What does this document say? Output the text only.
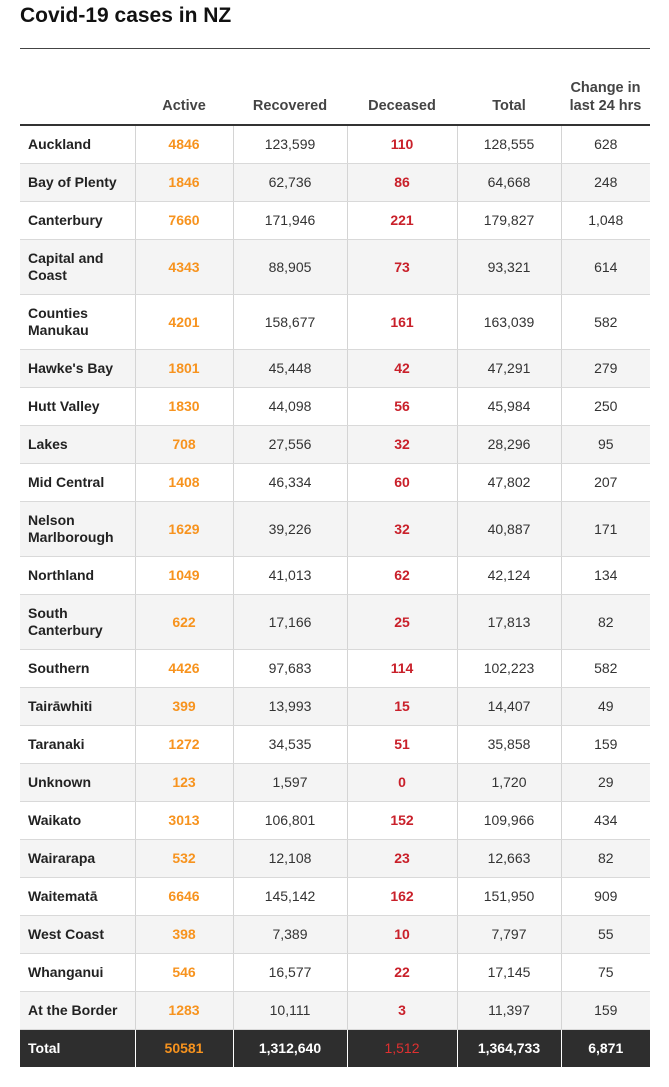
Covid-19 cases in NZ
	Active	Recovered	Deceased	Total	Change in last 24 hrs
Auckland	4846	123,599	110	128,555	628
Bay of Plenty	1846	62,736	86	64,668	248
Canterbury	7660	171,946	221	179,827	1,048
Capital and Coast	4343	88,905	73	93,321	614
Counties Manukau	4201	158,677	161	163,039	582
Hawke's Bay	1801	45,448	42	47,291	279
Hutt Valley	1830	44,098	56	45,984	250
Lakes	708	27,556	32	28,296	95
Mid Central	1408	46,334	60	47,802	207
Nelson Marlborough	1629	39,226	32	40,887	171
Northland	1049	41,013	62	42,124	134
South Canterbury	622	17,166	25	17,813	82
Southern	4426	97,683	114	102,223	582
Tairāwhiti	399	13,993	15	14,407	49
Taranaki	1272	34,535	51	35,858	159
Unknown	123	1,597	0	1,720	29
Waikato	3013	106,801	152	109,966	434
Wairarapa	532	12,108	23	12,663	82
Waitematā	6646	145,142	162	151,950	909
West Coast	398	7,389	10	7,797	55
Whanganui	546	16,577	22	17,145	75
At the Border	1283	10,111	3	11,397	159
Total	50581	1,312,640	1,512	1,364,733	6,871
